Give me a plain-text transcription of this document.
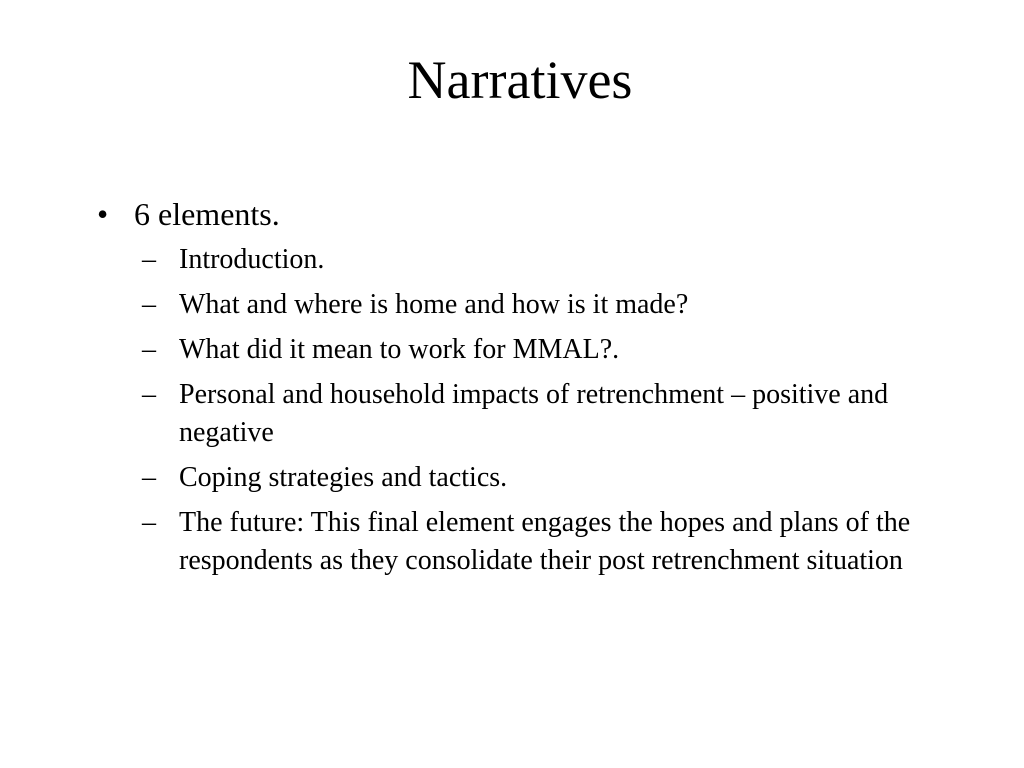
Narratives
• 6 elements.
– Introduction.
– What and where is home and how is it made?
– What did it mean to work for MMAL?.
– Personal and household impacts of retrenchment – positive and negative
– Coping strategies and tactics.
– The future: This final element engages the hopes and plans of the respondents as they consolidate their post retrenchment situation
